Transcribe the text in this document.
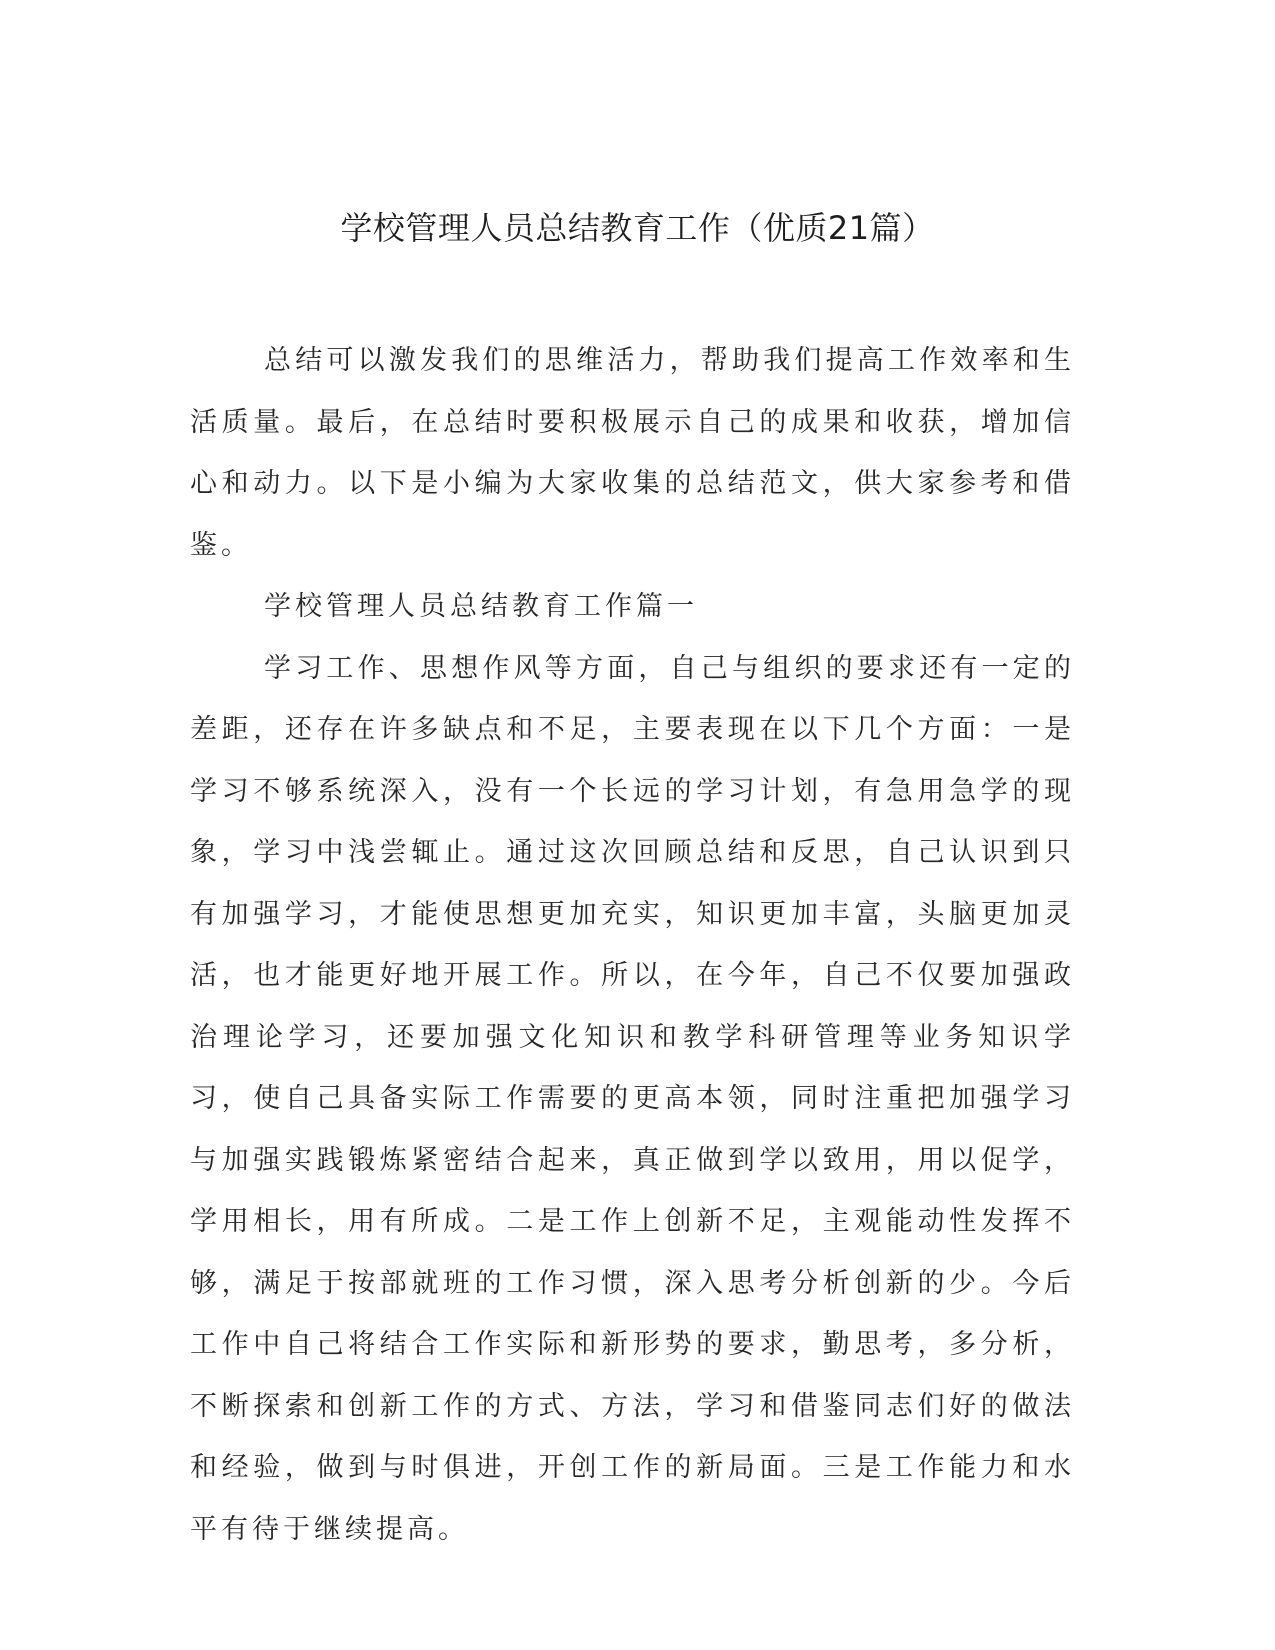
学校管理人员总结教育工作（优质21篇）

总结可以激发我们的思维活力，帮助我们提高工作效率和生活质量。最后，在总结时要积极展示自己的成果和收获，增加信心和动力。以下是小编为大家收集的总结范文，供大家参考和借鉴。

学校管理人员总结教育工作篇一

学习工作、思想作风等方面，自己与组织的要求还有一定的差距，还存在许多缺点和不足，主要表现在以下几个方面：一是学习不够系统深入，没有一个长远的学习计划，有急用急学的现象，学习中浅尝辄止。通过这次回顾总结和反思，自己认识到只有加强学习，才能使思想更加充实，知识更加丰富，头脑更加灵活，也才能更好地开展工作。所以，在今年，自己不仅要加强政治理论学习，还要加强文化知识和教学科研管理等业务知识学习，使自己具备实际工作需要的更高本领，同时注重把加强学习与加强实践锻炼紧密结合起来，真正做到学以致用，用以促学，学用相长，用有所成。二是工作上创新不足，主观能动性发挥不够，满足于按部就班的工作习惯，深入思考分析创新的少。今后工作中自己将结合工作实际和新形势的要求，勤思考，多分析，不断探索和创新工作的方式、方法，学习和借鉴同志们好的做法和经验，做到与时俱进，开创工作的新局面。三是工作能力和水平有待于继续提高。
